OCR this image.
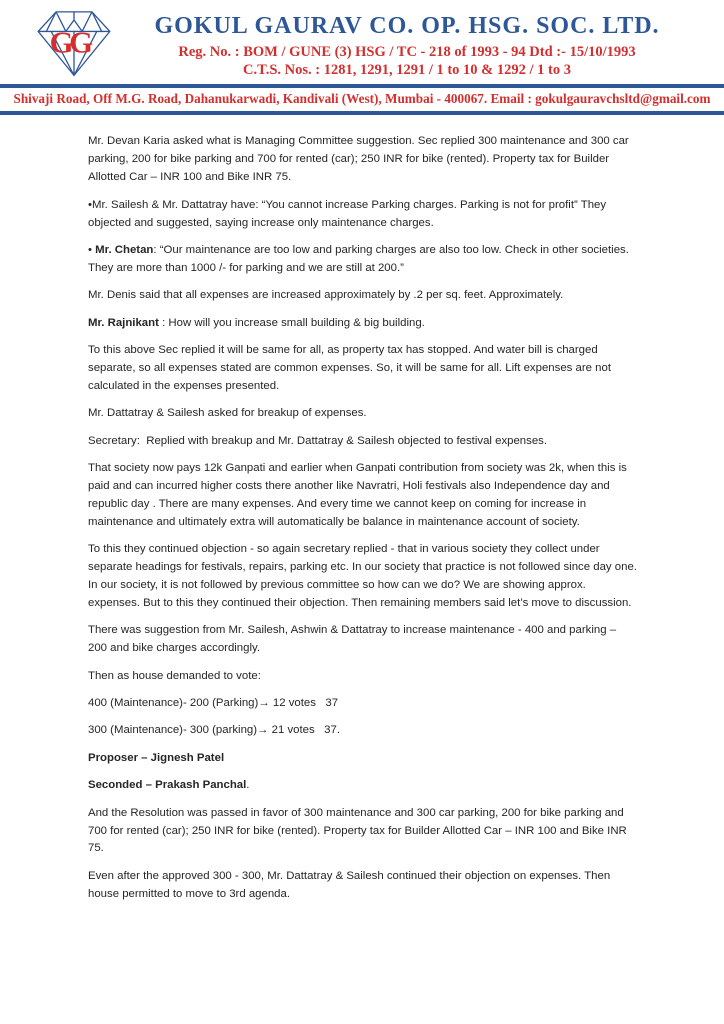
G
G	GOKUL GAURAV CO. OP. HSG. SOC. LTD.
Reg. No. : BOM / GUNE (3) HSG / TC - 218 of 1993 - 94 Dtd :- 15/10/1993
C.T.S. Nos. : 1281, 1291, 1291 / 1 to 10 & 1292 / 1 to 3
Shivaji Road, Off M.G. Road, Dahanukarwadi, Kandivali (West), Mumbai - 400067. Email : gokulgauravchsltd@gmail.com

Mr. Devan Karia asked what is Managing Committee suggestion. Sec replied 300 maintenance and 300 car parking, 200 for bike parking and 700 for rented (car); 250 INR for bike (rented). Property tax for Builder Allotted Car – INR 100 and Bike INR 75.

•Mr. Sailesh & Mr. Dattatray have: “You cannot increase Parking charges. Parking is not for profit” They objected and suggested, saying increase only maintenance charges.

• Mr. Chetan: “Our maintenance are too low and parking charges are also too low. Check in other societies. They are more than 1000 /- for parking and we are still at 200.”

Mr. Denis said that all expenses are increased approximately by .2 per sq. feet. Approximately.

Mr. Rajnikant : How will you increase small building & big building.

To this above Sec replied it will be same for all, as property tax has stopped. And water bill is charged separate, so all expenses stated are common expenses. So, it will be same for all. Lift expenses are not calculated in the expenses presented.

Mr. Dattatray & Sailesh asked for breakup of expenses.

Secretary:  Replied with breakup and Mr. Dattatray & Sailesh objected to festival expenses.

That society now pays 12k Ganpati and earlier when Ganpati contribution from society was 2k, when this is paid and can incurred higher costs there another like Navratri, Holi festivals also Independence day and republic day . There are many expenses. And every time we cannot keep on coming for increase in maintenance and ultimately extra will automatically be balance in maintenance account of society.

To this they continued objection - so again secretary replied - that in various society they collect under separate headings for festivals, repairs, parking etc. In our society that practice is not followed since day one. In our society, it is not followed by previous committee so how can we do? We are showing approx. expenses. But to this they continued their objection. Then remaining members said let’s move to discussion.

There was suggestion from Mr. Sailesh, Ashwin & Dattatray to increase maintenance - 400 and parking – 200 and bike charges accordingly.

Then as house demanded to vote:

400 (Maintenance)- 200 (Parking)→ 12 votes   37

300 (Maintenance)- 300 (parking)→ 21 votes   37.

Proposer – Jignesh Patel

Seconded – Prakash Panchal.

And the Resolution was passed in favor of 300 maintenance and 300 car parking, 200 for bike parking and 700 for rented (car); 250 INR for bike (rented). Property tax for Builder Allotted Car – INR 100 and Bike INR 75.

Even after the approved 300 - 300, Mr. Dattatray & Sailesh continued their objection on expenses. Then house permitted to move to 3rd agenda.
